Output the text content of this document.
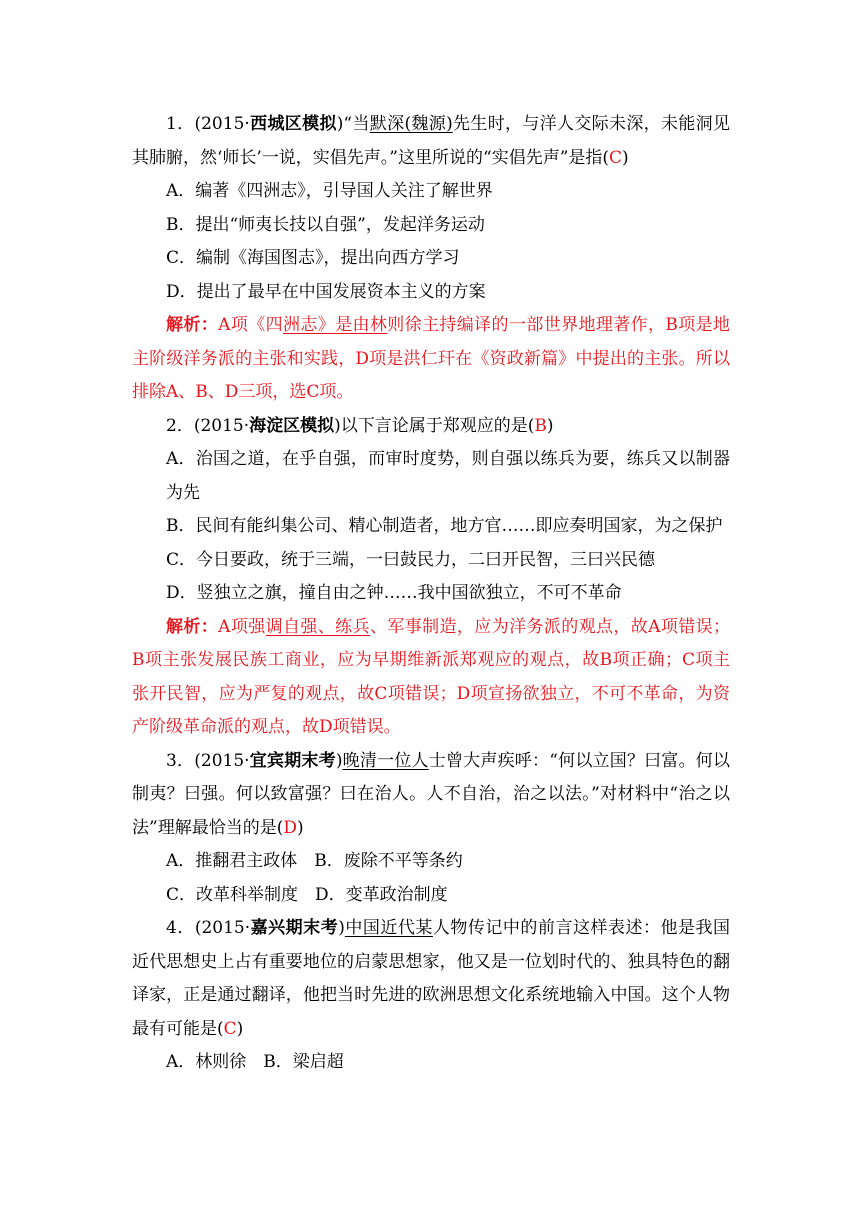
1．(2015·西城区模拟)“当默深(魏源)先生时，与洋人交际未深，未能洞见其肺腑，然‘师长’一说，实倡先声。”这里所说的“实倡先声”是指(C)

A．编著《四洲志》，引导国人关注了解世界

B．提出“师夷长技以自强”，发起洋务运动

C．编制《海国图志》，提出向西方学习

D．提出了最早在中国发展资本主义的方案

解析：A项《四洲志》是由林则徐主持编译的一部世界地理著作，B项是地主阶级洋务派的主张和实践，D项是洪仁玕在《资政新篇》中提出的主张。所以排除A、B、D三项，选C项。

2．(2015·海淀区模拟)以下言论属于郑观应的是(B)

A．治国之道，在乎自强，而审时度势，则自强以练兵为要，练兵又以制器为先

B．民间有能纠集公司、精心制造者，地方官……即应奏明国家，为之保护

C．今日要政，统于三端，一曰鼓民力，二曰开民智，三曰兴民德

D．竖独立之旗，撞自由之钟……我中国欲独立，不可不革命

解析：A项强调自强、练兵、军事制造，应为洋务派的观点，故A项错误；B项主张发展民族工商业，应为早期维新派郑观应的观点，故B项正确；C项主张开民智，应为严复的观点，故C项错误；D项宣扬欲独立，不可不革命，为资产阶级革命派的观点，故D项错误。

3．(2015·宜宾期末考)晚清一位人士曾大声疾呼：“何以立国？曰富。何以制夷？曰强。何以致富强？曰在治人。人不自治，治之以法。”对材料中“治之以法”理解最恰当的是(D)

A．推翻君主政体　B．废除不平等条约

C．改革科举制度　D．变革政治制度

4．(2015·嘉兴期末考)中国近代某人物传记中的前言这样表述：他是我国近代思想史上占有重要地位的启蒙思想家，他又是一位划时代的、独具特色的翻译家，正是通过翻译，他把当时先进的欧洲思想文化系统地输入中国。这个人物最有可能是(C)

A．林则徐　B．梁启超
